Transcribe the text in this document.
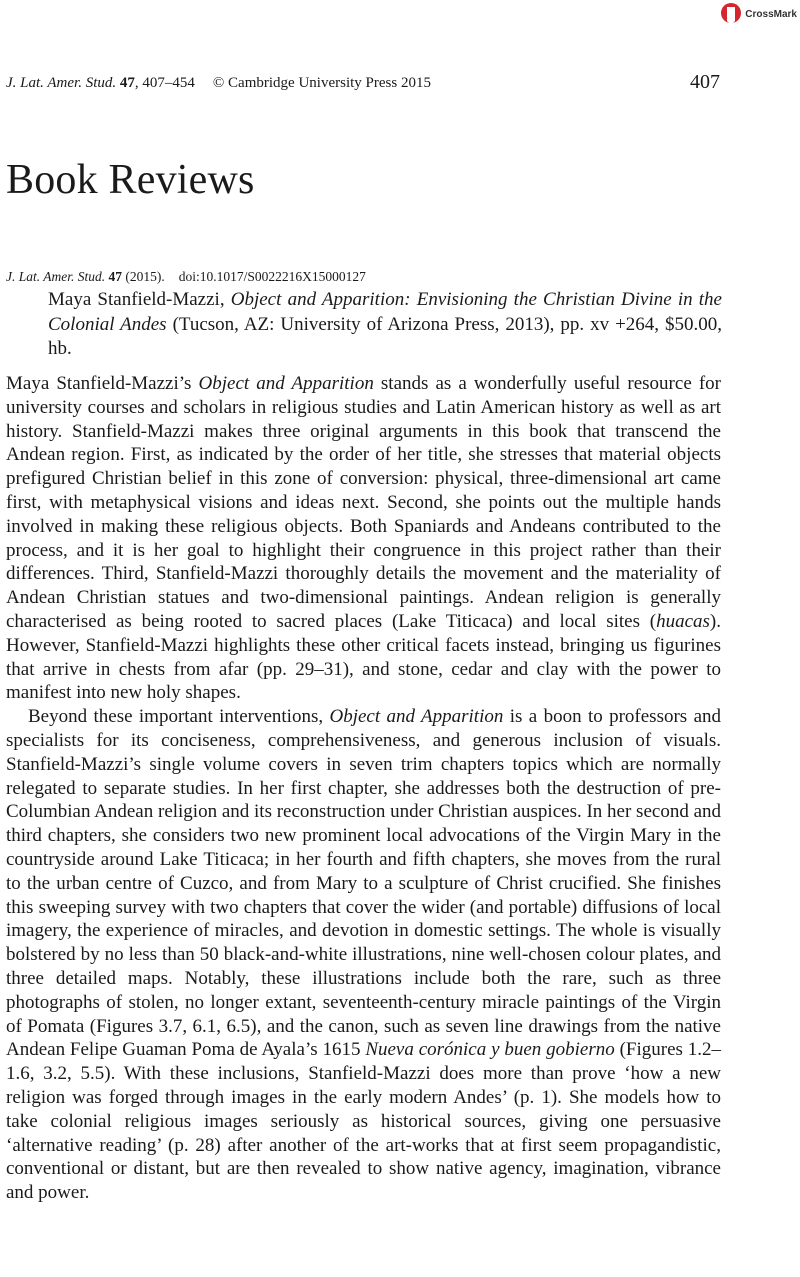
CrossMark
J. Lat. Amer. Stud. 47, 407–454 © Cambridge University Press 2015	407
Book Reviews
J. Lat. Amer. Stud. 47 (2015). doi:10.1017/S0022216X15000127
Maya Stanfield-Mazzi, Object and Apparition: Envisioning the Christian Divine in the Colonial Andes (Tucson, AZ: University of Arizona Press, 2013), pp. xv +264, $50.00, hb.

Maya Stanfield-Mazzi’s Object and Apparition stands as a wonderfully useful resource for university courses and scholars in religious studies and Latin American history as well as art history. Stanfield-Mazzi makes three original arguments in this book that transcend the Andean region. First, as indicated by the order of her title, she stresses that material objects prefigured Christian belief in this zone of conversion: physical, three-dimensional art came first, with metaphysical visions and ideas next. Second, she points out the multiple hands involved in making these religious objects. Both Spaniards and Andeans contributed to the process, and it is her goal to highlight their congruence in this project rather than their differences. Third, Stanfield-Mazzi thoroughly details the movement and the materiality of Andean Christian statues and two-dimensional paintings. Andean religion is generally characterised as being rooted to sacred places (Lake Titicaca) and local sites (huacas). However, Stanfield-Mazzi highlights these other critical facets instead, bringing us figurines that arrive in chests from afar (pp. 29–31), and stone, cedar and clay with the power to manifest into new holy shapes.

Beyond these important interventions, Object and Apparition is a boon to professors and specialists for its conciseness, comprehensiveness, and generous inclusion of visuals. Stanfield-Mazzi’s single volume covers in seven trim chapters topics which are normally relegated to separate studies. In her first chapter, she addresses both the destruction of pre-Columbian Andean religion and its reconstruction under Christian auspices. In her second and third chapters, she considers two new prominent local advocations of the Virgin Mary in the countryside around Lake Titicaca; in her fourth and fifth chapters, she moves from the rural to the urban centre of Cuzco, and from Mary to a sculpture of Christ crucified. She finishes this sweeping survey with two chapters that cover the wider (and portable) diffusions of local imagery, the experience of miracles, and devotion in domestic settings. The whole is visually bolstered by no less than 50 black-and-white illustrations, nine well-chosen colour plates, and three detailed maps. Notably, these illustrations include both the rare, such as three photographs of stolen, no longer extant, seventeenth-century miracle paintings of the Virgin of Pomata (Figures 3.7, 6.1, 6.5), and the canon, such as seven line drawings from the native Andean Felipe Guaman Poma de Ayala’s 1615 Nueva corónica y buen gobierno (Figures 1.2–1.6, 3.2, 5.5). With these inclusions, Stanfield-Mazzi does more than prove ‘how a new religion was forged through images in the early modern Andes’ (p. 1). She models how to take colonial religious images seriously as historical sources, giving one persuasive ‘alternative reading’ (p. 28) after another of the art-works that at first seem propagandistic, conventional or distant, but are then revealed to show native agency, imagination, vibrance and power.
